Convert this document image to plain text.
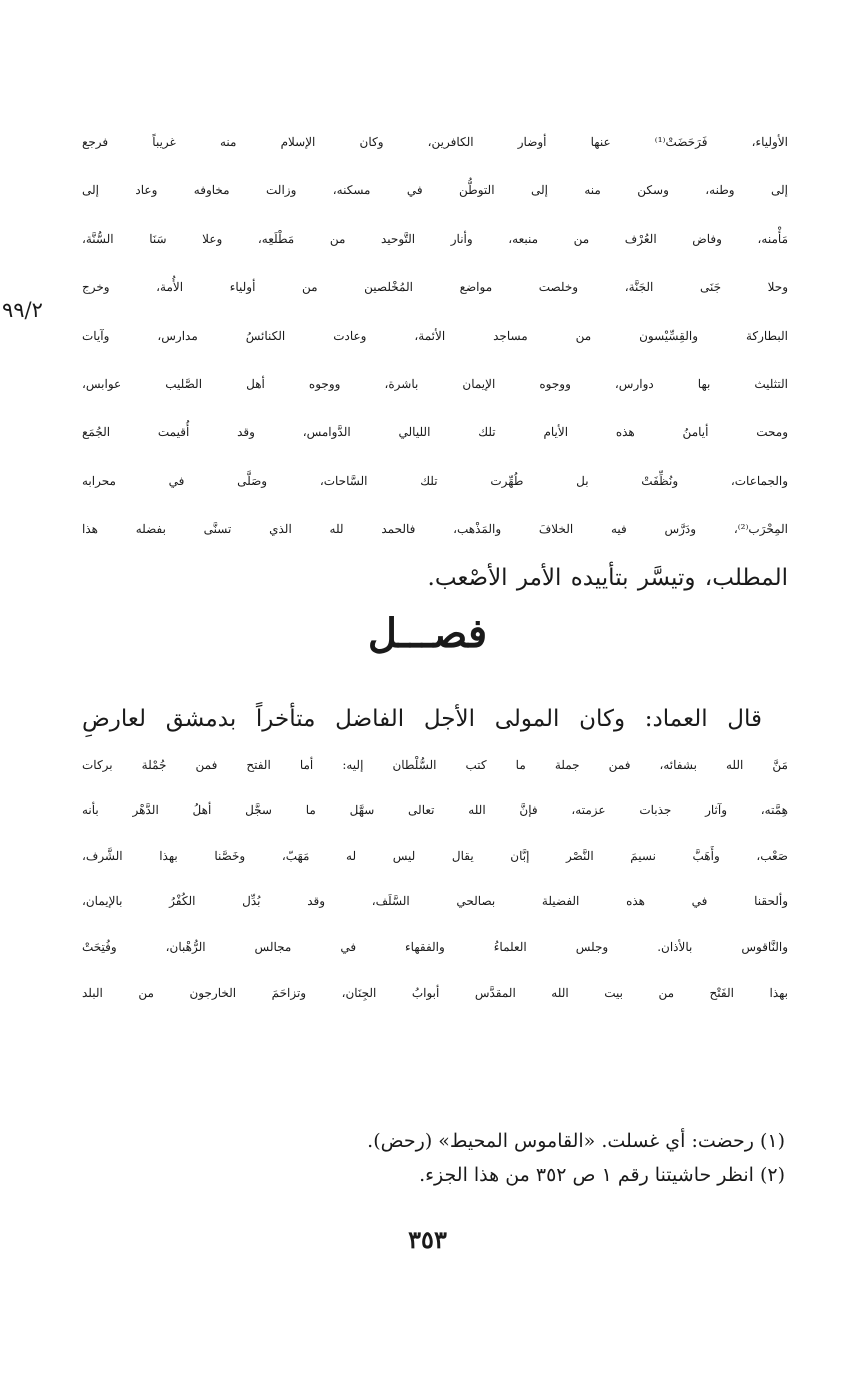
٩٩/٢
الأولياء، فَرَحَضَتْ⁽¹⁾ عنها أوضار الكافرين، وكان الإسلام منه غريباً فرجع
إلى وطنه، وسكن منه إلى التوطُّن في مسكنه، وزالت مخاوفه وعاد إلى
مَأْمنه، وفاض العُرْف من منبعه، وأنار التَّوحيد من مَطْلَعِه، وعلا سَنَا السُّنَّة،
وحلا جَنَى الجَنَّة، وخلصت مواضع المُخْلصين من أولياء الأُمة، وخرج
البطاركة والقِسِّيْسون من مساجد الأئمة، وعادت الكنائسُ مدارس، وآيات
التثليث بها دوارس، ووجوه الإيمان باشرة، ووجوه أهل الصَّليب عوابس،
ومحت أيامنُ هذه الأيام تلك الليالي الدَّوامس، وقد أُقيمت الجُمَع
والجماعات، ونُظِّفَتْ بل طُهِّرت تلك السَّاحات، وصَلَّى في محرابه
المِحْرَب⁽²⁾، ودَرَّس فيه الخلافَ والمَذْهب، فالحمد لله الذي تسنَّى بفضله هذا
المطلب، وتيسَّر بتأييده الأمر الأصْعب.
فصـــل
قال العماد: وكان المولى الأجل الفاضل متأخراً بدمشق لعارضِ
مَنَّ الله بشفائه، فمن جملة ما كتب السُّلْطان إليه: أما الفتح فمن جُمْلة بركات
هِمَّته، وآثار جذبات عزمته، فإنَّ الله تعالى سهَّل ما سجَّل أهلُ الدَّهْر بأنه
صَعْب، وأَهَبَّ نسيمَ النَّصْر إبَّان يقال ليس له مَهَبّ، وخَصَّنا بهذا الشَّرف،
وألحقنا في هذه الفضيلة بصالحي السَّلَف، وقد بُدِّل الكُفْرُ بالإيمان،
والنَّاقوس بالأذان. وجلس العلماءُ والفقهاء في مجالس الرُّهْبان، وفُتِحَتْ
بهذا الفَتْح من بيت الله المقدَّس أبوابُ الجِنَان، وتزاحَمَ الخارجون من البلد
(١) رحضت: أي غسلت. «القاموس المحيط» (رحض).
(٢) انظر حاشيتنا رقم ١ ص ٣٥٢ من هذا الجزء.
٣٥٣
